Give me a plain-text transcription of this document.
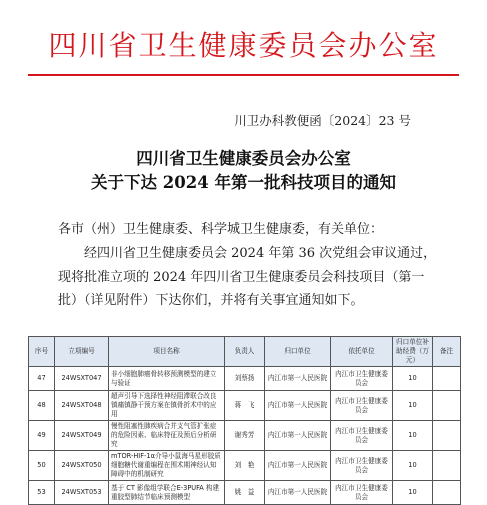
四川省卫生健康委员会办公室
川卫办科教便函〔2024〕23 号
四川省卫生健康委员会办公室
关于下达 2024 年第一批科技项目的通知
各市（州）卫生健康委、科学城卫生健康委，有关单位：
经四川省卫生健康委员会 2024 年第 36 次党组会审议通过，现将批准立项的 2024 年四川省卫生健康委员会科技项目（第一批）（详见附件）下达你们，并将有关事宜通知如下。
序号	立项编号	项目名称	负责人	归口单位	依托单位	归口单位补助经费（万元）	备注
47	24WSXT047	非小细胞肺癌骨转移预测模型的建立与验证	刘蔡扬	内江市第一人民医院	内江市卫生健康委员会	10	
48	24WSXT048	超声引导下选择性神经阻滞联合改良镇痛镇静干预方案在镇骨折术中的应用	蒋　飞	内江市第一人民医院	内江市卫生健康委员会	10	
49	24WSXT049	慢性阻塞性肺疾病合并支气管扩张症的危险因素、临床特征及预后分析研究	谢秀芳	内江市第一人民医院	内江市卫生健康委员会	10	
50	24WSXT050	mTOR-HIF-1α介导小鼠海马星形胶质细胞糖代谢重编程在围术期神经认知障碍中的机制研究	刘　艳	内江市第一人民医院	内江市卫生健康委员会	10	
53	24WSXT053	基于 CT 影像组学联合E-3PUFA 构建重胶型肺结节临床预测模型	姚　益	内江市第一人民医院	内江市卫生健康委员会	10	
